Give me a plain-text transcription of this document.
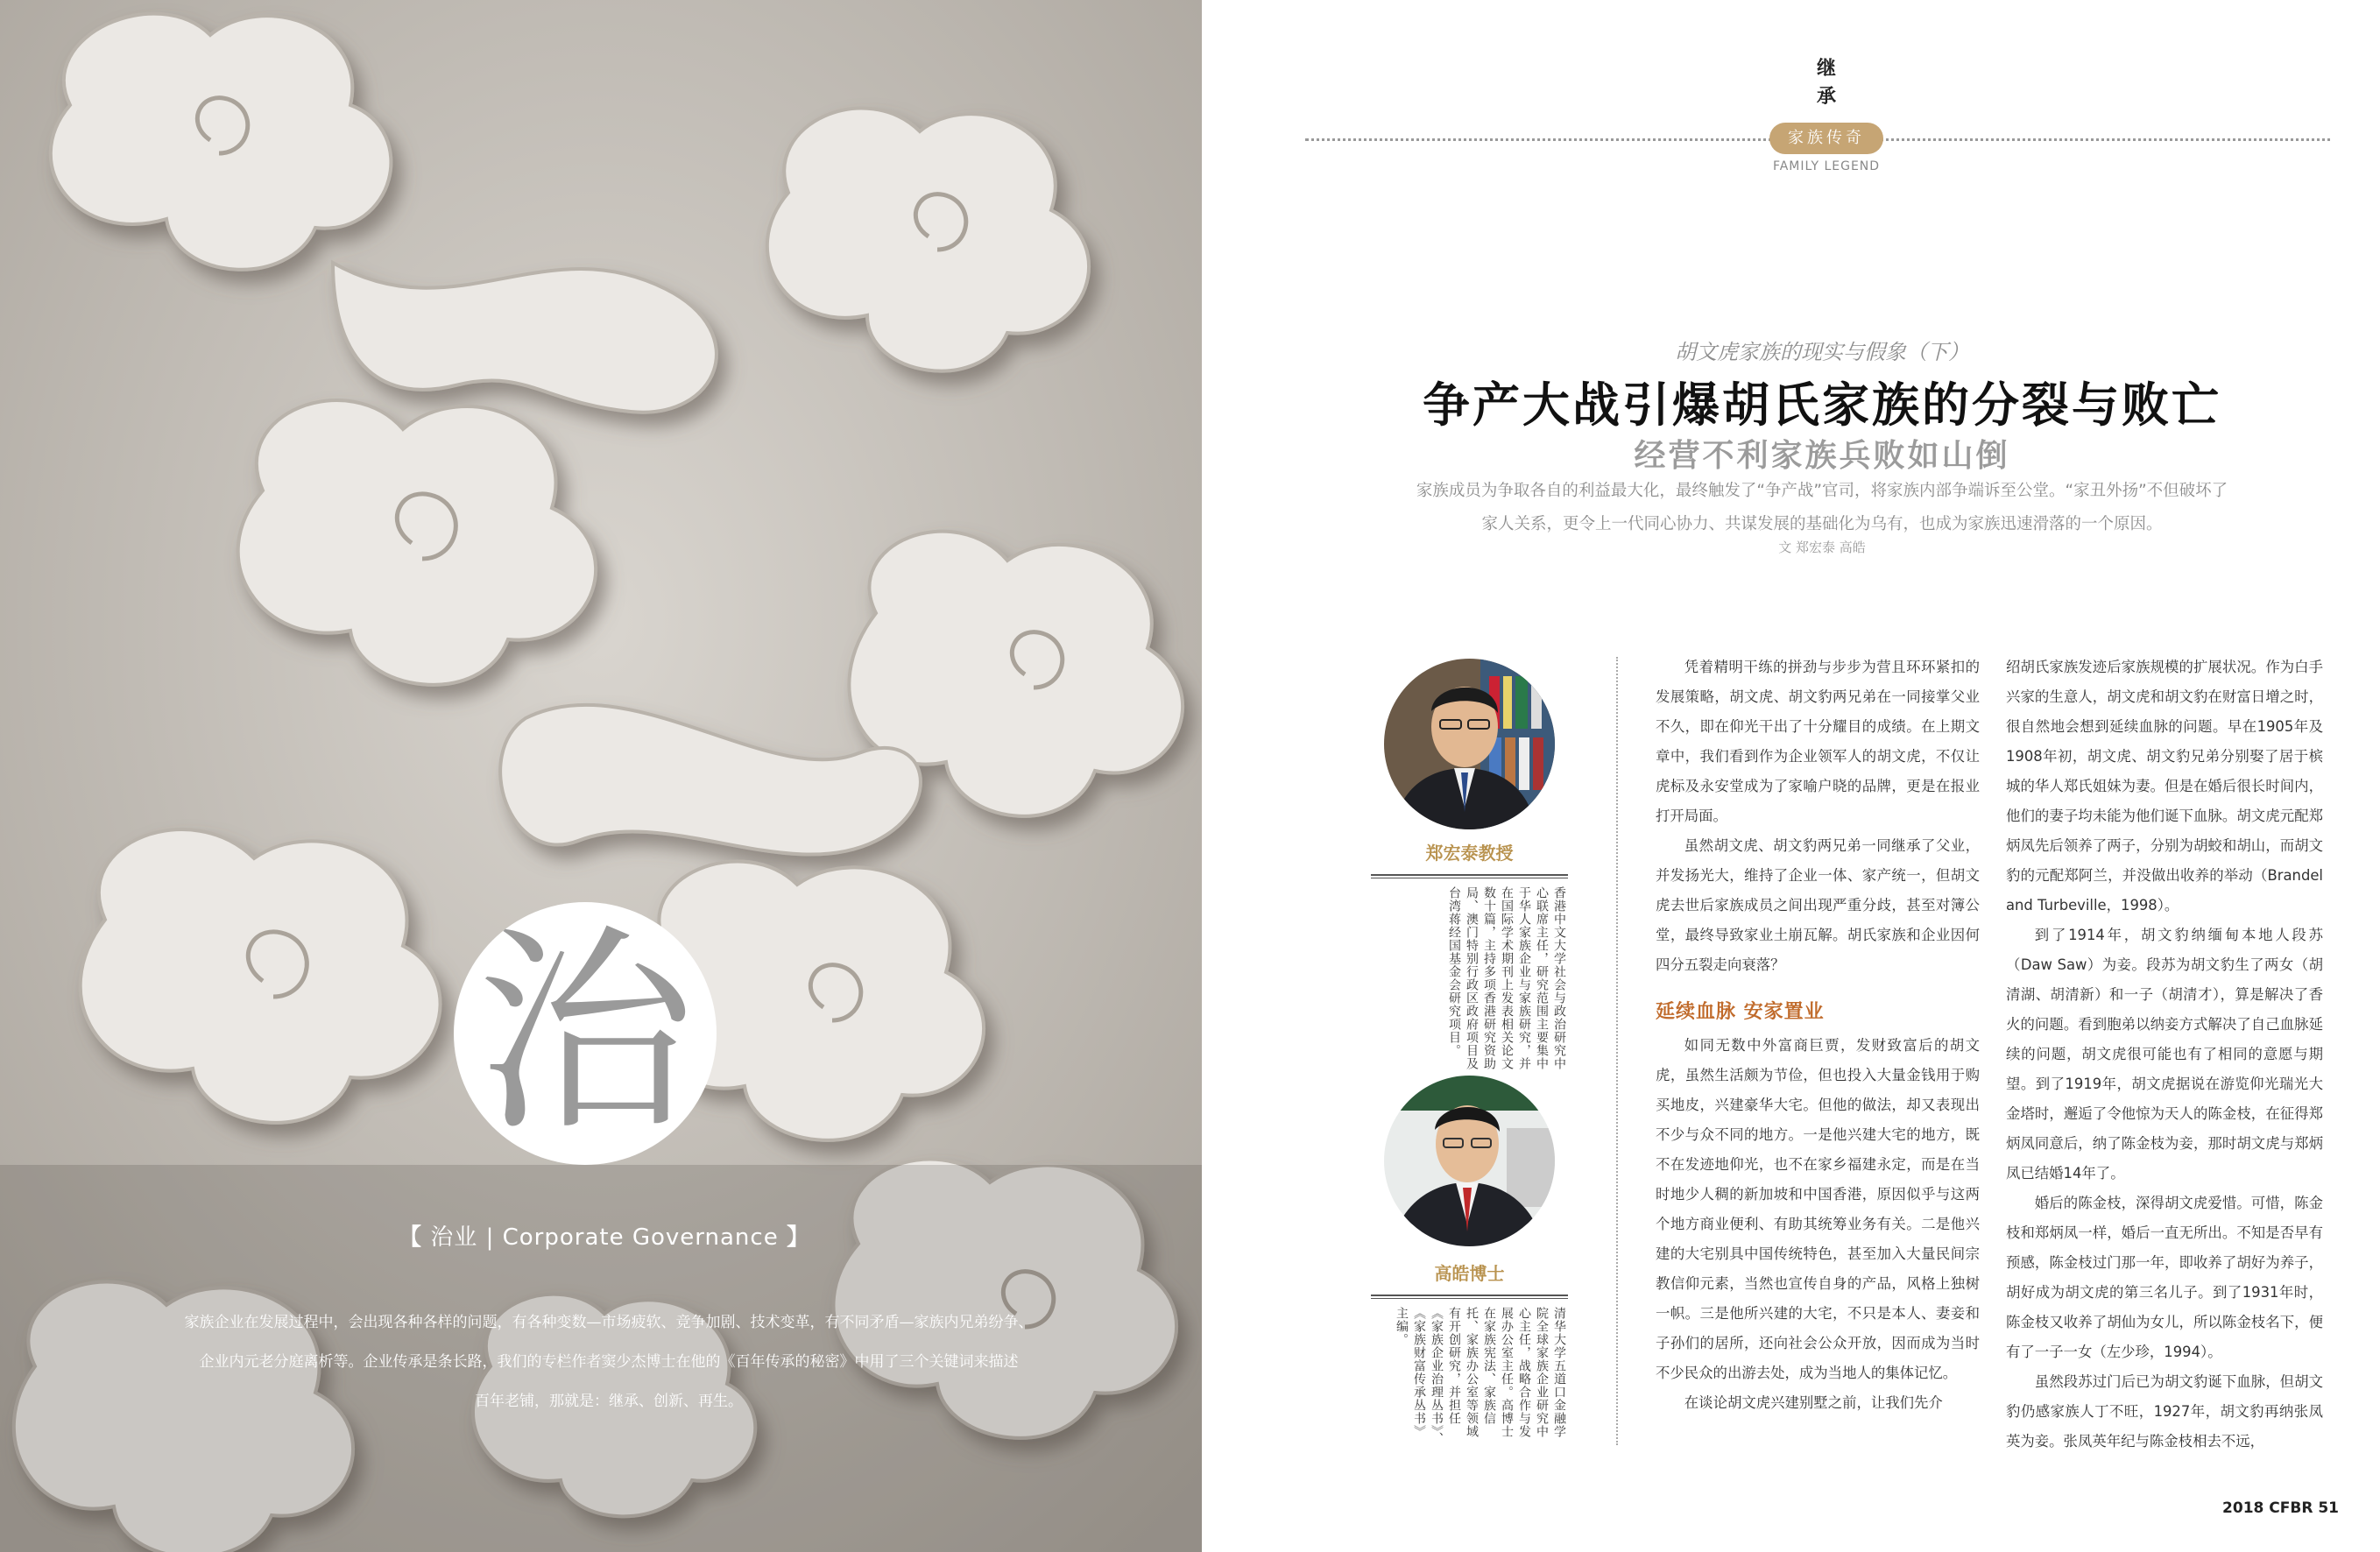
治
【 治业 | Corporate Governance 】
家族企业在发展过程中，会出现各种各样的问题，有各种变数—市场疲软、竞争加剧、技术变革，有不同矛盾—家族内兄弟纷争、
企业内元老分庭离析等。企业传承是条长路，我们的专栏作者窦少杰博士在他的《百年传承的秘密》中用了三个关键词来描述
百年老铺，那就是：继承、创新、再生。
继
承
家族传奇
FAMILY LEGEND
胡文虎家族的现实与假象（下）
争产大战引爆胡氏家族的分裂与败亡
经营不利家族兵败如山倒
家族成员为争取各自的利益最大化，最终触发了“争产战”官司，将家族内部争端诉至公堂。“家丑外扬”不但破坏了
家人关系，更令上一代同心协力、共谋发展的基础化为乌有，也成为家族迅速滑落的一个原因。
文 郑宏泰 高皓
郑宏泰教授
香港中文大学社会与政治研究中心联席主任，研究范围主要集中于华人家族企业与家族研究，并在国际学术期刊上发表相关论文数十篇，主持多项香港研究资助局、澳门特别行政区政府项目及台湾蒋经国基金会研究项目。
高皓博士
清华大学五道口金融学院全球家族企业研究中心主任，战略合作与发展办公室主任。高博士在家族宪法、家族信托、家族办公室等领域有开创研究，并担任《家族企业治理丛书》、《家族财富传承丛书》主编。

凭着精明干练的拼劲与步步为营且环环紧扣的发展策略，胡文虎、胡文豹两兄弟在一同接掌父业不久，即在仰光干出了十分耀目的成绩。在上期文章中，我们看到作为企业领军人的胡文虎，不仅让虎标及永安堂成为了家喻户晓的品牌，更是在报业打开局面。

虽然胡文虎、胡文豹两兄弟一同继承了父业，并发扬光大，维持了企业一体、家产统一，但胡文虎去世后家族成员之间出现严重分歧，甚至对簿公堂，最终导致家业土崩瓦解。胡氏家族和企业因何四分五裂走向衰落？

延续血脉 安家置业

如同无数中外富商巨贾，发财致富后的胡文虎，虽然生活颇为节俭，但也投入大量金钱用于购买地皮，兴建豪华大宅。但他的做法，却又表现出不少与众不同的地方。一是他兴建大宅的地方，既不在发迹地仰光，也不在家乡福建永定，而是在当时地少人稠的新加坡和中国香港，原因似乎与这两个地方商业便利、有助其统筹业务有关。二是他兴建的大宅别具中国传统特色，甚至加入大量民间宗教信仰元素，当然也宣传自身的产品，风格上独树一帜。三是他所兴建的大宅，不只是本人、妻妾和子孙们的居所，还向社会公众开放，因而成为当时不少民众的出游去处，成为当地人的集体记忆。

在谈论胡文虎兴建别墅之前，让我们先介

绍胡氏家族发迹后家族规模的扩展状况。作为白手兴家的生意人，胡文虎和胡文豹在财富日增之时，很自然地会想到延续血脉的问题。早在1905年及1908年初，胡文虎、胡文豹兄弟分别娶了居于槟城的华人郑氏姐妹为妻。但是在婚后很长时间内，他们的妻子均未能为他们诞下血脉。胡文虎元配郑炳凤先后领养了两子，分别为胡蛟和胡山，而胡文豹的元配郑阿兰，并没做出收养的举动（Brandel and Turbeville，1998）。

到了1914年，胡文豹纳缅甸本地人段苏（Daw Saw）为妾。段苏为胡文豹生了两女（胡清湖、胡清新）和一子（胡清才），算是解决了香火的问题。看到胞弟以纳妾方式解决了自己血脉延续的问题，胡文虎很可能也有了相同的意愿与期望。到了1919年，胡文虎据说在游览仰光瑞光大金塔时，邂逅了令他惊为天人的陈金枝，在征得郑炳凤同意后，纳了陈金枝为妾，那时胡文虎与郑炳凤已结婚14年了。

婚后的陈金枝，深得胡文虎爱惜。可惜，陈金枝和郑炳凤一样，婚后一直无所出。不知是否早有预感，陈金枝过门那一年，即收养了胡好为养子，胡好成为胡文虎的第三名儿子。到了1931年时，陈金枝又收养了胡仙为女儿，所以陈金枝名下，便有了一子一女（左少珍，1994）。

虽然段苏过门后已为胡文豹诞下血脉，但胡文豹仍感家族人丁不旺，1927年，胡文豹再纳张凤英为妾。张凤英年纪与陈金枝相去不远，

2018 CFBR 51
